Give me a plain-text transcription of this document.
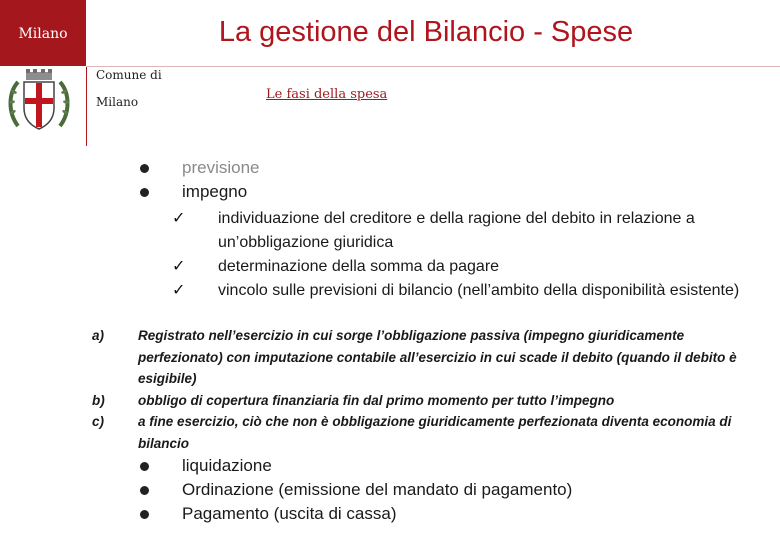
Milano	La gestione del Bilancio - Spese
Comune di
Milano	Le fasi della spesa
previsione
impegno
✓ individuazione del creditore e della ragione del debito in relazione a un’obbligazione giuridica
✓ determinazione della somma da pagare
✓ vincolo sulle previsioni di bilancio (nell’ambito della disponibilità esistente)
a)	Registrato nell’esercizio in cui sorge l’obbligazione passiva (impegno giuridicamente perfezionato) con imputazione contabile all’esercizio in cui scade il debito (quando il debito è esigibile)
b) obbligo di copertura finanziaria fin dal primo momento per tutto l’impegno
c)	a fine esercizio, ciò che non è obbligazione giuridicamente perfezionata diventa economia di bilancio
liquidazione
Ordinazione (emissione del mandato di pagamento)
Pagamento (uscita di cassa)
